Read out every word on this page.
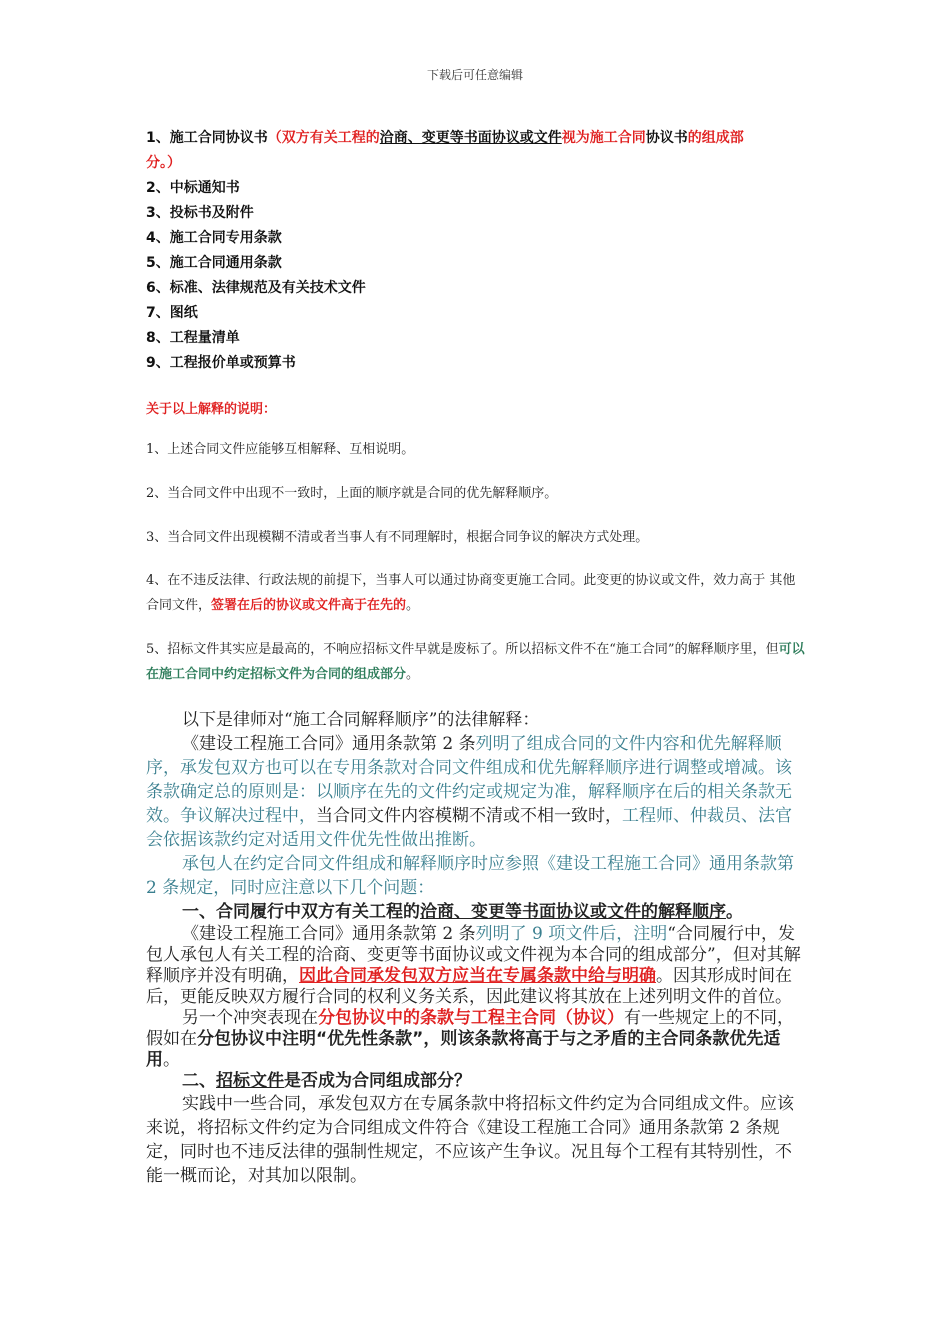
下载后可任意编辑
1、施工合同协议书（双方有关工程的洽商、变更等书面协议或文件视为施工合同协议书的组成部
分。）
2、中标通知书
3、投标书及附件
4、施工合同专用条款
5、施工合同通用条款
6、标准、法律规范及有关技术文件
7、图纸
8、工程量清单
9、工程报价单或预算书
关于以上解释的说明：
1、上述合同文件应能够互相解释、互相说明。
2、当合同文件中出现不一致时，上面的顺序就是合同的优先解释顺序。
3、当合同文件出现模糊不清或者当事人有不同理解时，根据合同争议的解决方式处理。
4、在不违反法律、行政法规的前提下，当事人可以通过协商变更施工合同。此变更的协议或文件，效力高于 其他合同文件，签署在后的协议或文件高于在先的。
5、招标文件其实应是最高的，不响应招标文件早就是废标了。所以招标文件不在“施工合同”的解释顺序里，但可以在施工合同中约定招标文件为合同的组成部分。

以下是律师对“施工合同解释顺序”的法律解释：

《建设工程施工合同》通用条款第 2 条列明了组成合同的文件内容和优先解释顺序，承发包双方也可以在专用条款对合同文件组成和优先解释顺序进行调整或增减。该条款确定总的原则是：以顺序在先的文件约定或规定为准，解释顺序在后的相关条款无效。争议解决过程中，当合同文件内容模糊不清或不相一致时，工程师、仲裁员、法官会依据该款约定对适用文件优先性做出推断。

承包人在约定合同文件组成和解释顺序时应参照《建设工程施工合同》通用条款第 2 条规定，同时应注意以下几个问题：

一、合同履行中双方有关工程的洽商、变更等书面协议或文件的解释顺序。

《建设工程施工合同》通用条款第 2 条列明了 9 项文件后，注明“合同履行中，发包人承包人有关工程的洽商、变更等书面协议或文件视为本合同的组成部分”，但对其解释顺序并没有明确，因此合同承发包双方应当在专属条款中给与明确。因其形成时间在后，更能反映双方履行合同的权利义务关系，因此建议将其放在上述列明文件的首位。

另一个冲突表现在分包协议中的条款与工程主合同（协议）有一些规定上的不同，假如在分包协议中注明“优先性条款”，则该条款将高于与之矛盾的主合同条款优先适用。

二、招标文件是否成为合同组成部分？

实践中一些合同，承发包双方在专属条款中将招标文件约定为合同组成文件。应该来说，将招标文件约定为合同组成文件符合《建设工程施工合同》通用条款第 2 条规定，同时也不违反法律的强制性规定，不应该产生争议。况且每个工程有其特别性，不能一概而论，对其加以限制。
